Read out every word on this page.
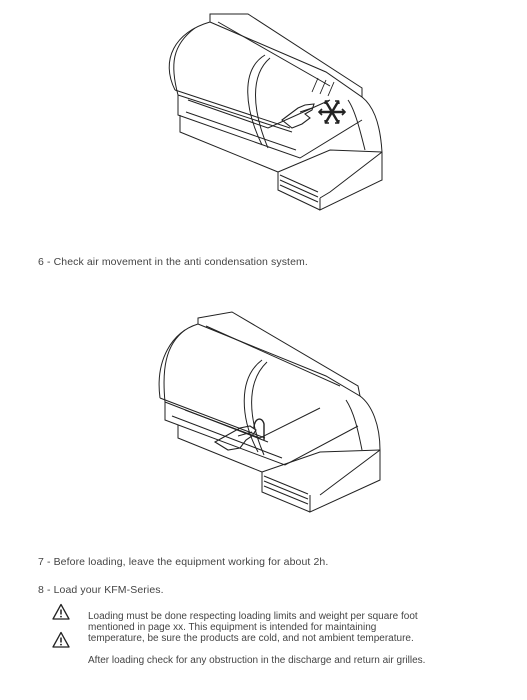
6 - Check air movement in the anti condensation system.
7 - Before loading, leave the equipment working for about 2h.
8 - Load your KFM-Series.
Loading must be done respecting loading limits and weight per square foot
mentioned in page xx. This equipment is intended for maintaining
temperature, be sure the products are cold, and not ambient temperature.
After loading check for any obstruction in the discharge and return air grilles.
